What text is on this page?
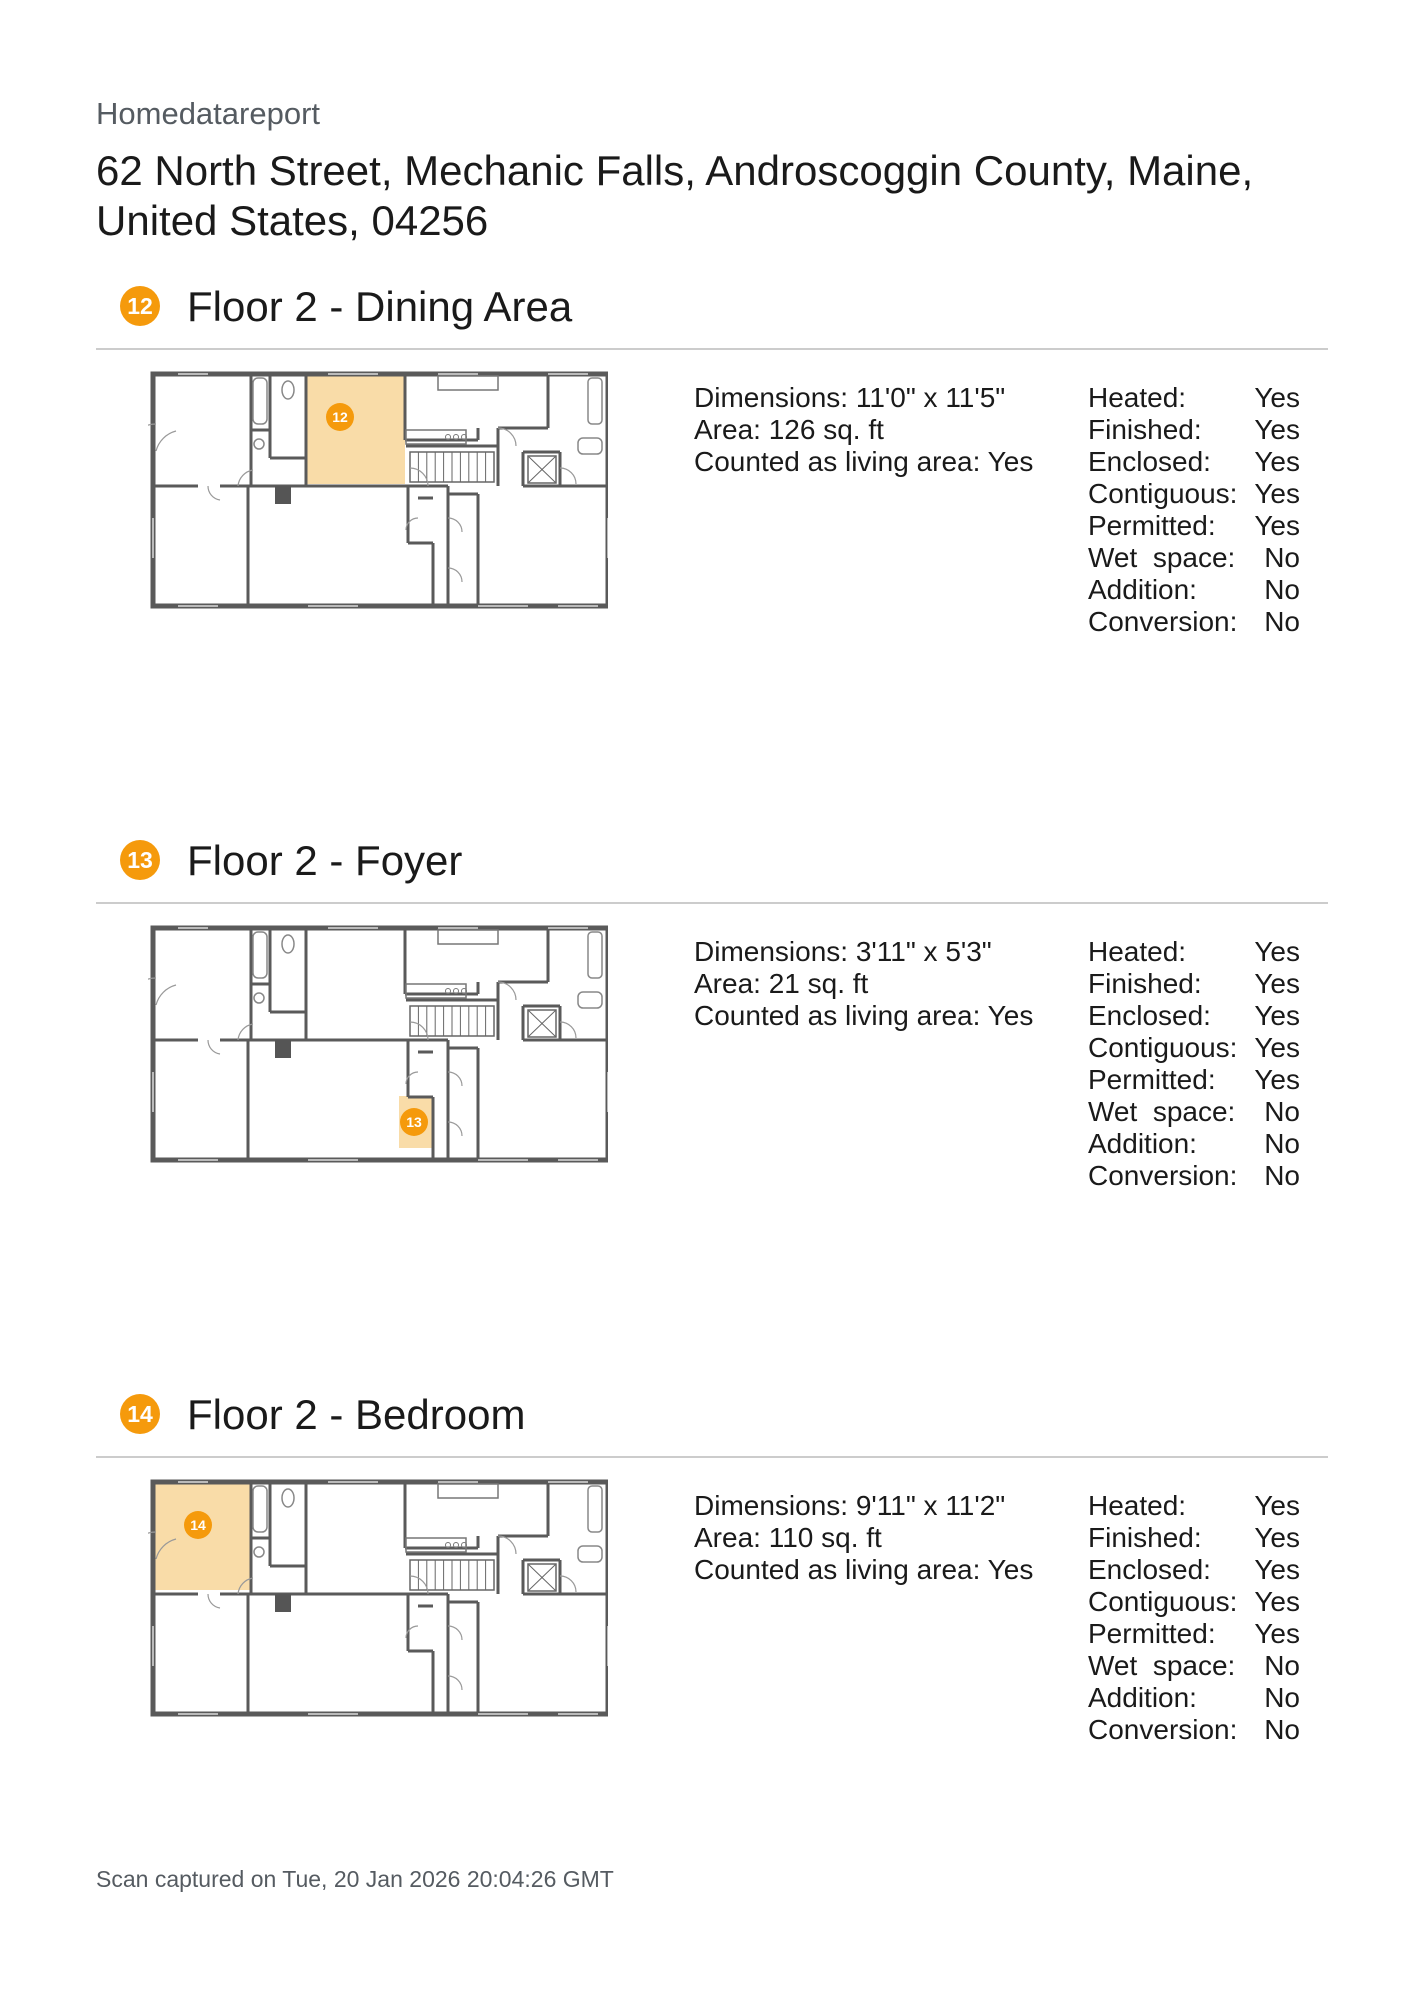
Homedatareport
62 North Street, Mechanic Falls, Androscoggin County, Maine,
United States, 04256
12 Floor 2 - Dining Area
12
Dimensions: 11'0" x 11'5"
Area: 126 sq. ft
Counted as living area: Yes
Heated: Yes
Finished: Yes
Enclosed: Yes
Contiguous: Yes
Permitted: Yes
Wet  space: No
Addition: No
Conversion: No
13 Floor 2 - Foyer
13
Dimensions: 3'11" x 5'3"
Area: 21 sq. ft
Counted as living area: Yes
Heated: Yes
Finished: Yes
Enclosed: Yes
Contiguous: Yes
Permitted: Yes
Wet  space: No
Addition: No
Conversion: No
14 Floor 2 - Bedroom
14
Dimensions: 9'11" x 11'2"
Area: 110 sq. ft
Counted as living area: Yes
Heated: Yes
Finished: Yes
Enclosed: Yes
Contiguous: Yes
Permitted: Yes
Wet  space: No
Addition: No
Conversion: No
Scan captured on Tue, 20 Jan 2026 20:04:26 GMT
